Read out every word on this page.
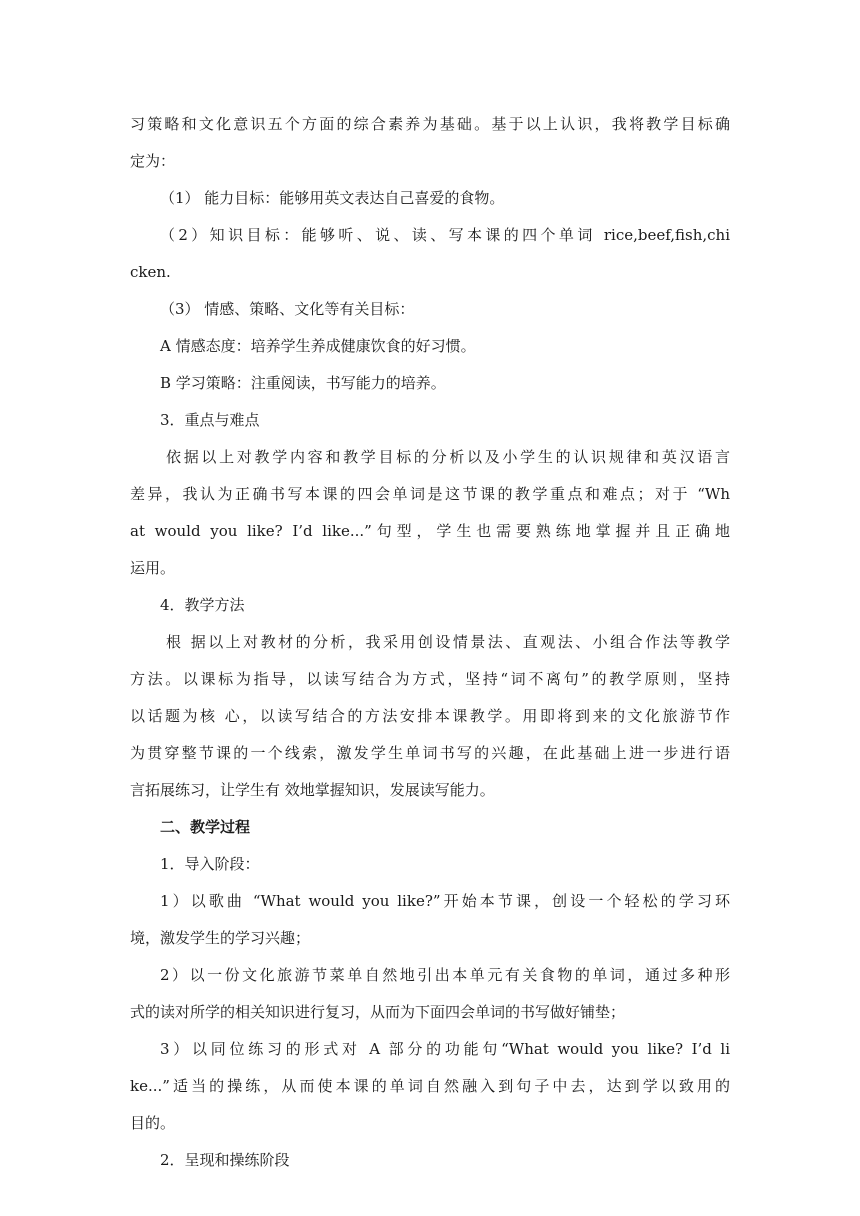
习策略和文化意识五个方面的综合素养为基础。基于以上认识，我将教学目标确
定为：
（1） 能力目标：能够用英文表达自己喜爱的食物。
（2）知识目标：能够听、说、读、写本课的四个单词 rice,beef,fish,chi
cken.
（3） 情感、策略、文化等有关目标：
A 情感态度：培养学生养成健康饮食的好习惯。
B 学习策略：注重阅读，书写能力的培养。
3．重点与难点
依据以上对教学内容和教学目标的分析以及小学生的认识规律和英汉语言
差异，我认为正确书写本课的四会单词是这节课的教学重点和难点；对于 “Wh
at would you like? I’d like...”句型，学生也需要熟练地掌握并且正确地
运用。
4．教学方法
根 据以上对教材的分析，我采用创设情景法、直观法、小组合作法等教学
方法。以课标为指导，以读写结合为方式，坚持“词不离句”的教学原则，坚持
以话题为核 心，以读写结合的方法安排本课教学。用即将到来的文化旅游节作
为贯穿整节课的一个线索，激发学生单词书写的兴趣，在此基础上进一步进行语
言拓展练习，让学生有 效地掌握知识，发展读写能力。
二、教学过程
1．导入阶段：
1）以歌曲 “What would you like?”开始本节课，创设一个轻松的学习环
境，激发学生的学习兴趣；
2）以一份文化旅游节菜单自然地引出本单元有关食物的单词，通过多种形
式的读对所学的相关知识进行复习，从而为下面四会单词的书写做好铺垫；
3）以同位练习的形式对 A 部分的功能句“What would you like? I’d li
ke...”适当的操练，从而使本课的单词自然融入到句子中去，达到学以致用的
目的。
2．呈现和操练阶段
